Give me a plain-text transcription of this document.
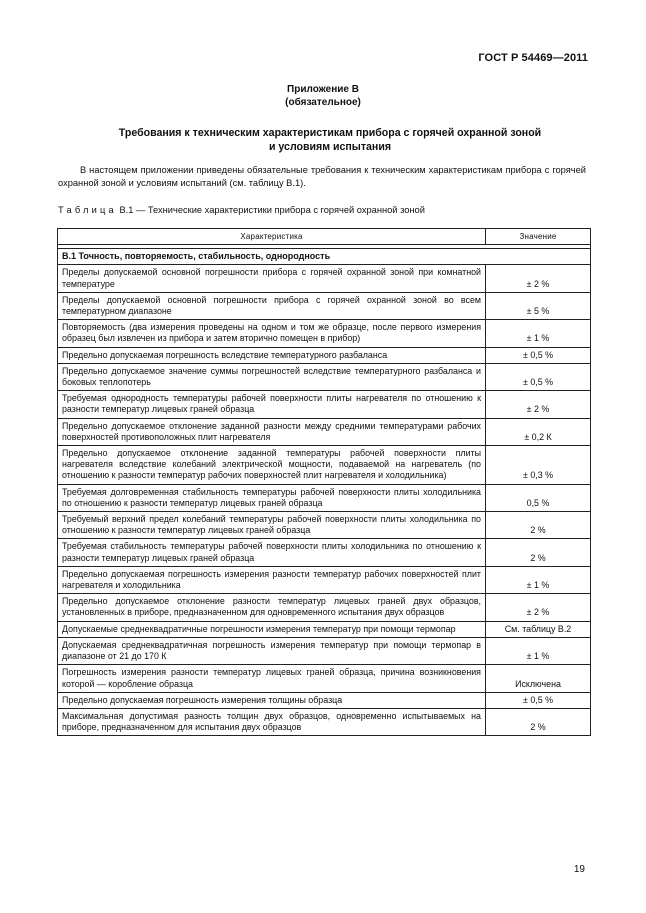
ГОСТ Р 54469—2011
Приложение В
(обязательное)
Требования к техническим характеристикам прибора с горячей охранной зоной
и условиям испытания

В настоящем приложении приведены обязательные требования к техническим характеристикам прибора с горячей охранной зоной и условиям испытаний (см. таблицу В.1).

Таблица В.1 — Технические характеристики прибора с горячей охранной зоной
Характеристика	Значение

В.1 Точность, повторяемость, стабильность, однородность	
Пределы допускаемой основной погрешности прибора с горячей охранной зоной при комнатной температуре	± 2 %
Пределы допускаемой основной погрешности прибора с горячей охранной зоной во всем температурном диапазоне	± 5 %
Повторяемость (два измерения проведены на одном и том же образце, после первого измерения образец был извлечен из прибора и затем вторично помещен в прибор)	± 1 %
Предельно допускаемая погрешность вследствие температурного разбаланса	± 0,5 %
Предельно допускаемое значение суммы погрешностей вследствие температурного разбаланса и боковых теплопотерь	± 0,5 %
Требуемая однородность температуры рабочей поверхности плиты нагревателя по отношению к разности температур лицевых граней образца	± 2 %
Предельно допускаемое отклонение заданной разности между средними температурами рабочих поверхностей противоположных плит нагревателя	± 0,2 К
Предельно допускаемое отклонение заданной температуры рабочей поверхности плиты нагревателя вследствие колебаний электрической мощности, подаваемой на нагреватель (по отношению к разности температур рабочих поверхностей плит нагревателя и холодильника)	± 0,3 %
Требуемая долговременная стабильность температуры рабочей поверхности плиты холодильника по отношению к разности температур лицевых граней образца	0,5 %
Требуемый верхний предел колебаний температуры рабочей поверхности плиты холодильника по отношению к разности температур лицевых граней образца	2 %
Требуемая стабильность температуры рабочей поверхности плиты холодильника по отношению к разности температур лицевых граней образца	2 %
Предельно допускаемая погрешность измерения разности температур рабочих поверхностей плит нагревателя и холодильника	± 1 %
Предельно допускаемое отклонение разности температур лицевых граней двух образцов, установленных в приборе, предназначенном для одновременного испытания двух образцов	± 2 %
Допускаемые среднеквадратичные погрешности измерения температур при помощи термопар	См. таблицу В.2
Допускаемая среднеквадратичная погрешность измерения температур при помощи термопар в диапазоне от 21 до 170 К	± 1 %
Погрешность измерения разности температур лицевых граней образца, причина возникновения которой — коробление образца	Исключена
Предельно допускаемая погрешность измерения толщины образца	± 0,5 %
Максимальная допустимая разность толщин двух образцов, одновременно испытываемых на приборе, предназначенном для испытания двух образцов	2 %
19
